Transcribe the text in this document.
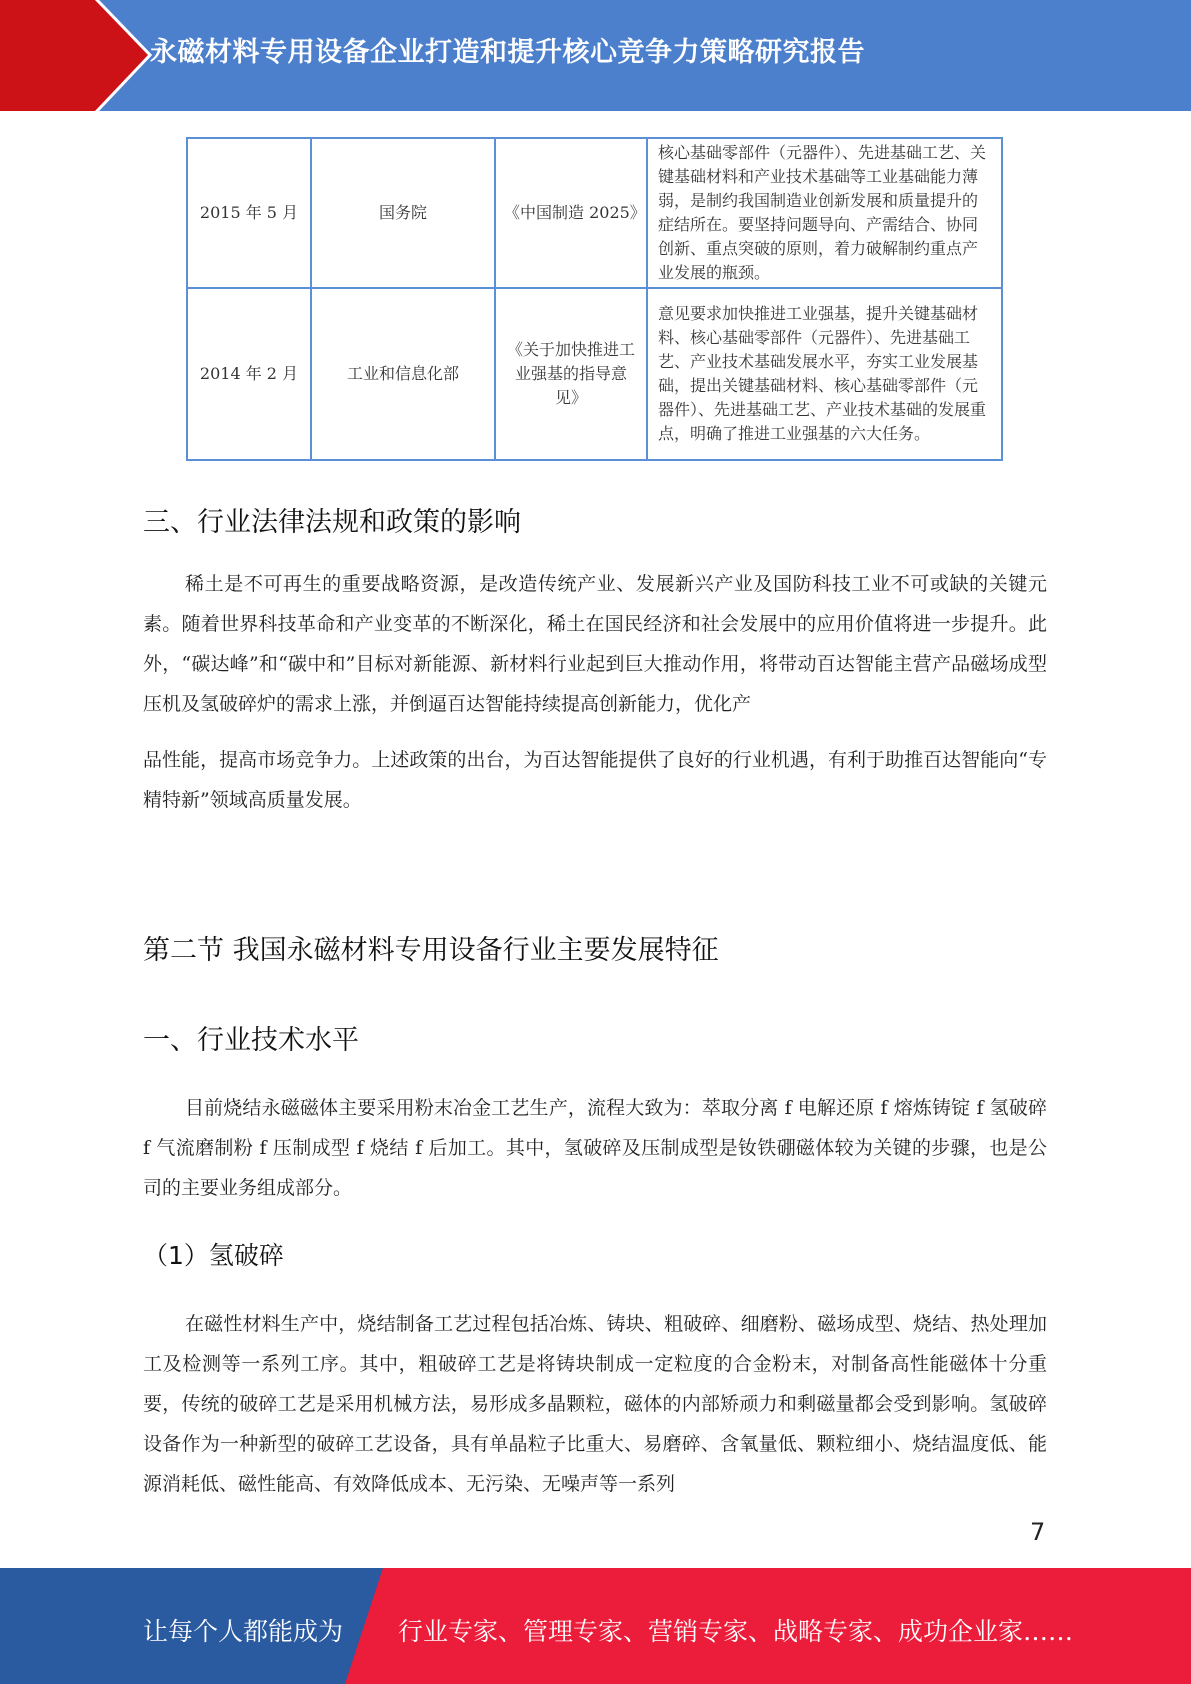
永磁材料专用设备企业打造和提升核心竞争力策略研究报告
2015 年 5 月	国务院	《中国制造 2025》	核心基础零部件（元器件）、先进基础工艺、关键基础材料和产业技术基础等工业基础能力薄弱，是制约我国制造业创新发展和质量提升的症结所在。要坚持问题导向、产需结合、协同创新、重点突破的原则，着力破解制约重点产业发展的瓶颈。
2014 年 2 月	工业和信息化部	《关于加快推进工业强基的指导意见》	意见要求加快推进工业强基，提升关键基础材料、核心基础零部件（元器件）、先进基础工艺、产业技术基础发展水平，夯实工业发展基础，提出关键基础材料、核心基础零部件（元器件）、先进基础工艺、产业技术基础的发展重点，明确了推进工业强基的六大任务。
三、行业法律法规和政策的影响
稀土是不可再生的重要战略资源，是改造传统产业、发展新兴产业及国防科技工业不可或缺的关键元素。随着世界科技革命和产业变革的不断深化，稀土在国民经济和社会发展中的应用价值将进一步提升。此外，“碳达峰”和“碳中和”目标对新能源、新材料行业起到巨大推动作用，将带动百达智能主营产品磁场成型压机及氢破碎炉的需求上涨，并倒逼百达智能持续提高创新能力，优化产
品性能，提高市场竞争力。上述政策的出台，为百达智能提供了良好的行业机遇，有利于助推百达智能向“专精特新”领域高质量发展。
第二节 我国永磁材料专用设备行业主要发展特征
一、行业技术水平
目前烧结永磁磁体主要采用粉末冶金工艺生产，流程大致为：萃取分离 f 电解还原 f 熔炼铸锭 f 氢破碎 f 气流磨制粉 f 压制成型 f 烧结 f 后加工。其中，氢破碎及压制成型是钕铁硼磁体较为关键的步骤，也是公司的主要业务组成部分。
（1）氢破碎
在磁性材料生产中，烧结制备工艺过程包括冶炼、铸块、粗破碎、细磨粉、磁场成型、烧结、热处理加工及检测等一系列工序。其中，粗破碎工艺是将铸块制成一定粒度的合金粉末，对制备高性能磁体十分重要，传统的破碎工艺是采用机械方法，易形成多晶颗粒，磁体的内部矫顽力和剩磁量都会受到影响。氢破碎设备作为一种新型的破碎工艺设备，具有单晶粒子比重大、易磨碎、含氧量低、颗粒细小、烧结温度低、能源消耗低、磁性能高、有效降低成本、无污染、无噪声等一系列
7
让每个人都能成为 行业专家、管理专家、营销专家、战略专家、成功企业家……
